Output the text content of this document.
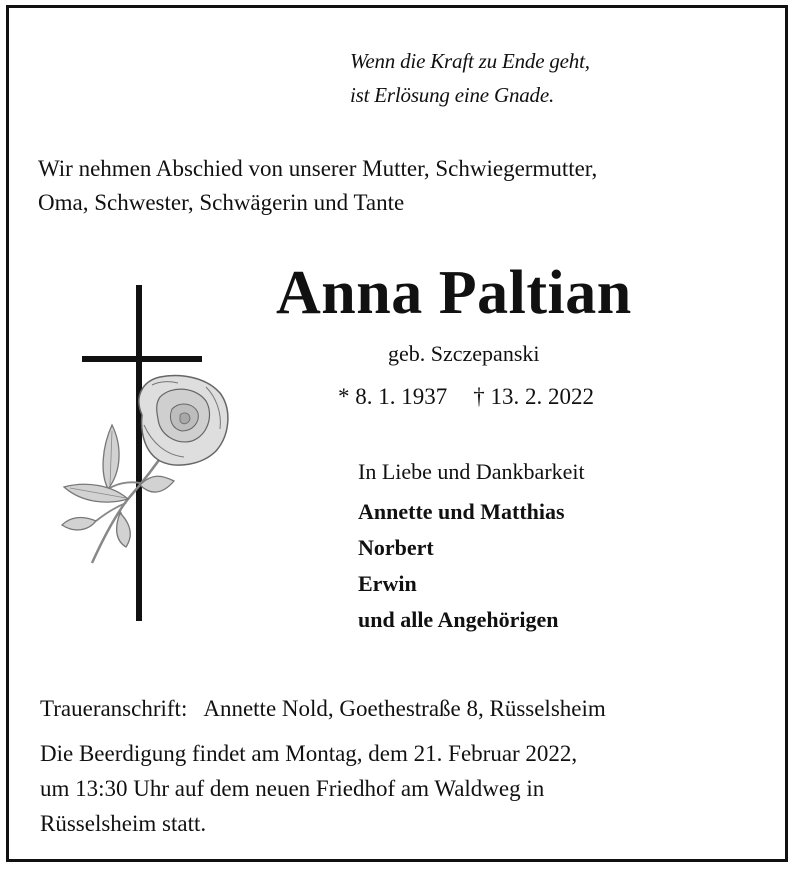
Wenn die Kraft zu Ende geht,
ist Erlösung eine Gnade.
Wir nehmen Abschied von unserer Mutter, Schwiegermutter,
Oma, Schwester, Schwägerin und Tante
Anna Paltian
geb. Szczepanski
* 8. 1. 1937 † 13. 2. 2022
In Liebe und Dankbarkeit
Annette und Matthias
Norbert
Erwin
und alle Angehörigen
Traueranschrift: Annette Nold, Goethestraße 8, Rüsselsheim
Die Beerdigung findet am Montag, dem 21. Februar 2022,
um 13:30 Uhr auf dem neuen Friedhof am Waldweg in
Rüsselsheim statt.
